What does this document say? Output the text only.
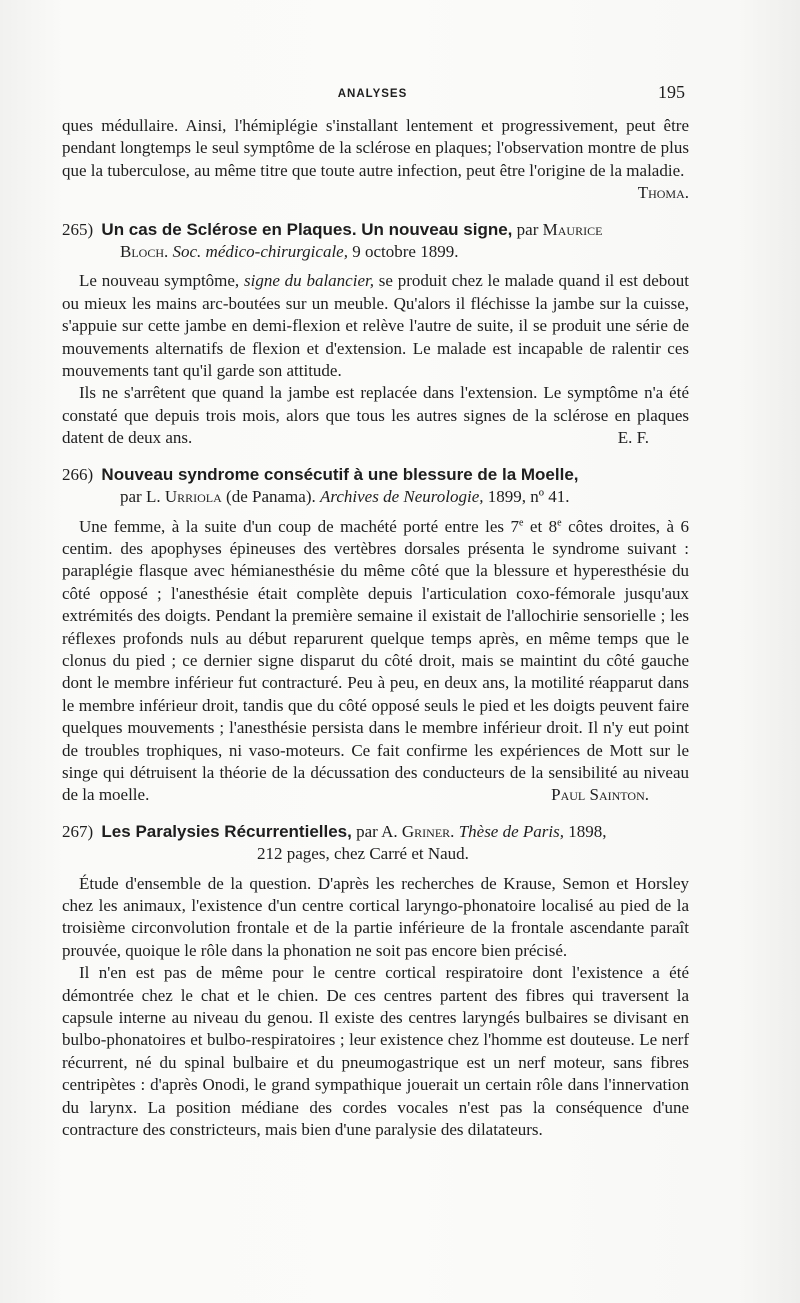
ANALYSES	195

ques médullaire. Ainsi, l'hémiplégie s'installant lentement et progressivement, peut être pendant longtemps le seul symptôme de la sclérose en plaques; l'observation montre de plus que la tuberculose, au même titre que toute autre infection, peut être l'origine de la maladie.
Thoma.

265) Un cas de Sclérose en Plaques. Un nouveau signe, par Maurice
Bloch. Soc. médico-chirurgicale, 9 octobre 1899.

Le nouveau symptôme, signe du balancier, se produit chez le malade quand il est debout ou mieux les mains arc-boutées sur un meuble. Qu'alors il fléchisse la jambe sur la cuisse, s'appuie sur cette jambe en demi-flexion et relève l'autre de suite, il se produit une série de mouvements alternatifs de flexion et d'extension. Le malade est incapable de ralentir ces mouvements tant qu'il garde son attitude.

Ils ne s'arrêtent que quand la jambe est replacée dans l'extension. Le symptôme n'a été constaté que depuis trois mois, alors que tous les autres signes de la sclérose en plaques datent de deux ans.	E. F.

266) Nouveau syndrome consécutif à une blessure de la Moelle,
par L. Urriola (de Panama). Archives de Neurologie, 1899, nº 41.

Une femme, à la suite d'un coup de machété porté entre les 7e et 8e côtes droites, à 6 centim. des apophyses épineuses des vertèbres dorsales présenta le syndrome suivant : paraplégie flasque avec hémianesthésie du même côté que la blessure et hyperesthésie du côté opposé ; l'anesthésie était complète depuis l'articulation coxo-fémorale jusqu'aux extrémités des doigts. Pendant la première semaine il existait de l'allochirie sensorielle ; les réflexes profonds nuls au début reparurent quelque temps après, en même temps que le clonus du pied ; ce dernier signe disparut du côté droit, mais se maintint du côté gauche dont le membre inférieur fut contracturé. Peu à peu, en deux ans, la motilité réapparut dans le membre inférieur droit, tandis que du côté opposé seuls le pied et les doigts peuvent faire quelques mouvements ; l'anesthésie persista dans le membre inférieur droit. Il n'y eut point de troubles trophiques, ni vaso-moteurs. Ce fait confirme les expériences de Mott sur le singe qui détruisent la théorie de la décussation des conducteurs de la sensibilité au niveau de la moelle.	Paul Sainton.

267) Les Paralysies Récurrentielles, par A. Griner. Thèse de Paris, 1898,
212 pages, chez Carré et Naud.

Étude d'ensemble de la question. D'après les recherches de Krause, Semon et Horsley chez les animaux, l'existence d'un centre cortical laryngo-phonatoire localisé au pied de la troisième circonvolution frontale et de la partie inférieure de la frontale ascendante paraît prouvée, quoique le rôle dans la phonation ne soit pas encore bien précisé.

Il n'en est pas de même pour le centre cortical respiratoire dont l'existence a été démontrée chez le chat et le chien. De ces centres partent des fibres qui traversent la capsule interne au niveau du genou. Il existe des centres laryngés bulbaires se divisant en bulbo-phonatoires et bulbo-respiratoires ; leur existence chez l'homme est douteuse. Le nerf récurrent, né du spinal bulbaire et du pneumogastrique est un nerf moteur, sans fibres centripètes : d'après Onodi, le grand sympathique jouerait un certain rôle dans l'innervation du larynx. La position médiane des cordes vocales n'est pas la conséquence d'une contracture des constricteurs, mais bien d'une paralysie des dilatateurs.
